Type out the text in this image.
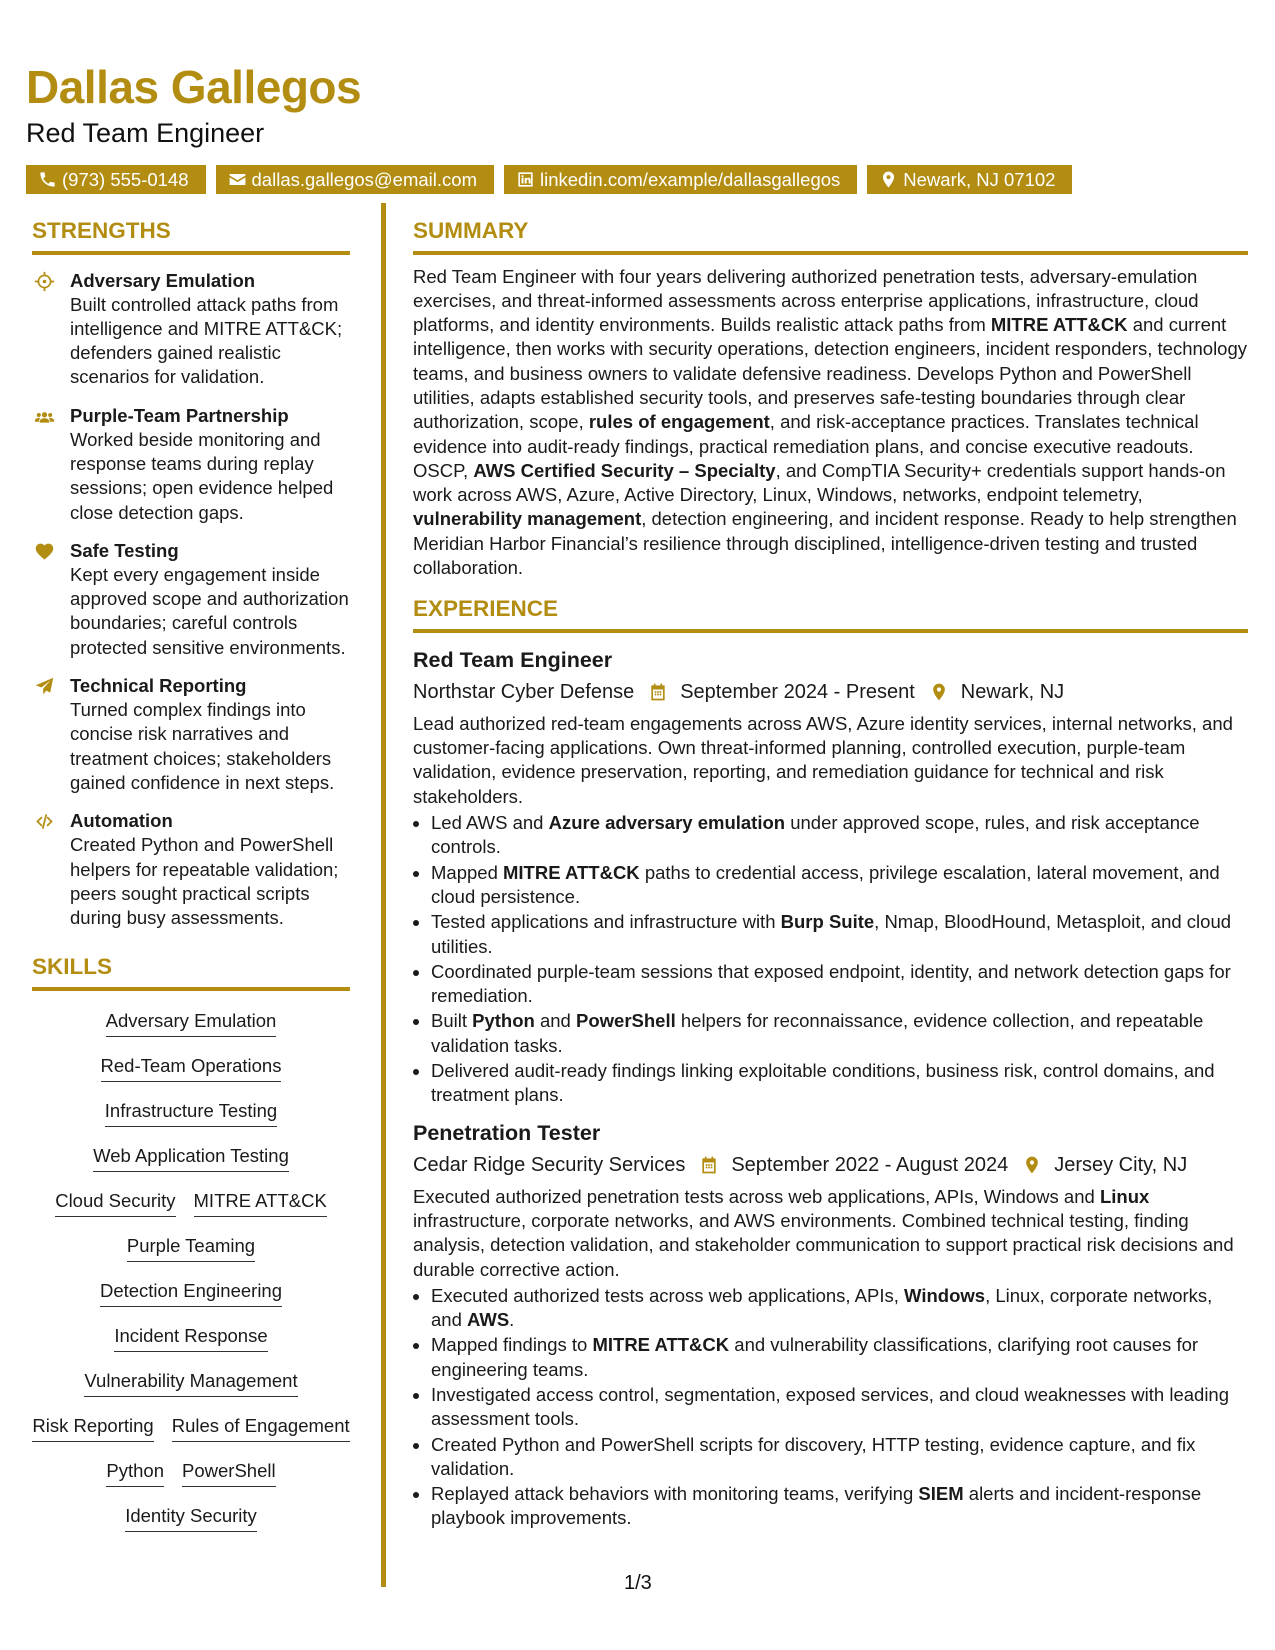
Dallas Gallegos
Red Team Engineer
(973) 555-0148	dallas.gallegos@email.com	linkedin.com/example/dallasgallegos	Newark, NJ 07102
STRENGTHS
Adversary Emulation
Built controlled attack paths from intelligence and MITRE ATT&CK; defenders gained realistic scenarios for validation.
Purple-Team Partnership
Worked beside monitoring and response teams during replay sessions; open evidence helped close detection gaps.
Safe Testing
Kept every engagement inside approved scope and authorization boundaries; careful controls protected sensitive environments.
Technical Reporting
Turned complex findings into concise risk narratives and treatment choices; stakeholders gained confidence in next steps.
Automation
Created Python and PowerShell helpers for repeatable validation; peers sought practical scripts during busy assessments.
SKILLS
Adversary Emulation
Red-Team Operations
Infrastructure Testing
Web Application Testing
Cloud Security MITRE ATT&CK
Purple Teaming
Detection Engineering
Incident Response
Vulnerability Management
Risk Reporting Rules of Engagement
Python PowerShell
Identity Security
SUMMARY
Red Team Engineer with four years delivering authorized penetration tests, adversary-emulation exercises, and threat-informed assessments across enterprise applications, infrastructure, cloud platforms, and identity environments. Builds realistic attack paths from MITRE ATT&CK and current intelligence, then works with security operations, detection engineers, incident responders, technology teams, and business owners to validate defensive readiness. Develops Python and PowerShell utilities, adapts established security tools, and preserves safe-testing boundaries through clear authorization, scope, rules of engagement, and risk-acceptance practices. Translates technical evidence into audit-ready findings, practical remediation plans, and concise executive readouts. OSCP, AWS Certified Security – Specialty, and CompTIA Security+ credentials support hands-on work across AWS, Azure, Active Directory, Linux, Windows, networks, endpoint telemetry, vulnerability management, detection engineering, and incident response. Ready to help strengthen Meridian Harbor Financial’s resilience through disciplined, intelligence-driven testing and trusted collaboration.
EXPERIENCE
Red Team Engineer
Northstar Cyber Defense September 2024 - Present Newark, NJ
Lead authorized red-team engagements across AWS, Azure identity services, internal networks, and customer-facing applications. Own threat-informed planning, controlled execution, purple-team validation, evidence preservation, reporting, and remediation guidance for technical and risk stakeholders.
• Led AWS and Azure adversary emulation under approved scope, rules, and risk acceptance controls.
• Mapped MITRE ATT&CK paths to credential access, privilege escalation, lateral movement, and cloud persistence.
• Tested applications and infrastructure with Burp Suite, Nmap, BloodHound, Metasploit, and cloud utilities.
• Coordinated purple-team sessions that exposed endpoint, identity, and network detection gaps for remediation.
• Built Python and PowerShell helpers for reconnaissance, evidence collection, and repeatable validation tasks.
• Delivered audit-ready findings linking exploitable conditions, business risk, control domains, and treatment plans.
Penetration Tester
Cedar Ridge Security Services September 2022 - August 2024 Jersey City, NJ
Executed authorized penetration tests across web applications, APIs, Windows and Linux infrastructure, corporate networks, and AWS environments. Combined technical testing, finding analysis, detection validation, and stakeholder communication to support practical risk decisions and durable corrective action.
• Executed authorized tests across web applications, APIs, Windows, Linux, corporate networks, and AWS.
• Mapped findings to MITRE ATT&CK and vulnerability classifications, clarifying root causes for engineering teams.
• Investigated access control, segmentation, exposed services, and cloud weaknesses with leading assessment tools.
• Created Python and PowerShell scripts for discovery, HTTP testing, evidence capture, and fix validation.
• Replayed attack behaviors with monitoring teams, verifying SIEM alerts and incident-response playbook improvements.
1/3
